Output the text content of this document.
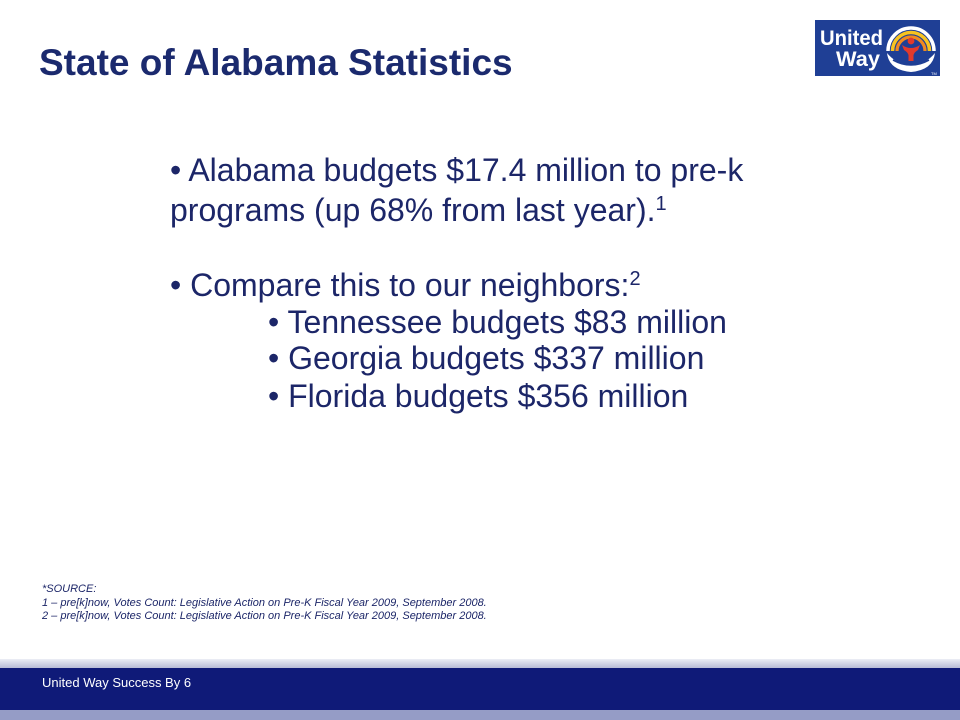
State of Alabama Statistics
United
Way
TM
• Alabama budgets $17.4 million to pre-k
programs (up 68% from last year).$^1$
• Compare this to our neighbors:$^2$
• Tennessee budgets $83 million
• Georgia budgets $337 million
• Florida budgets $356 million
*SOURCE:
1 – pre[k]now, Votes Count: Legislative Action on Pre-K Fiscal Year 2009, September 2008.
2 – pre[k]now, Votes Count: Legislative Action on Pre-K Fiscal Year 2009, September 2008.
United Way Success By 6
